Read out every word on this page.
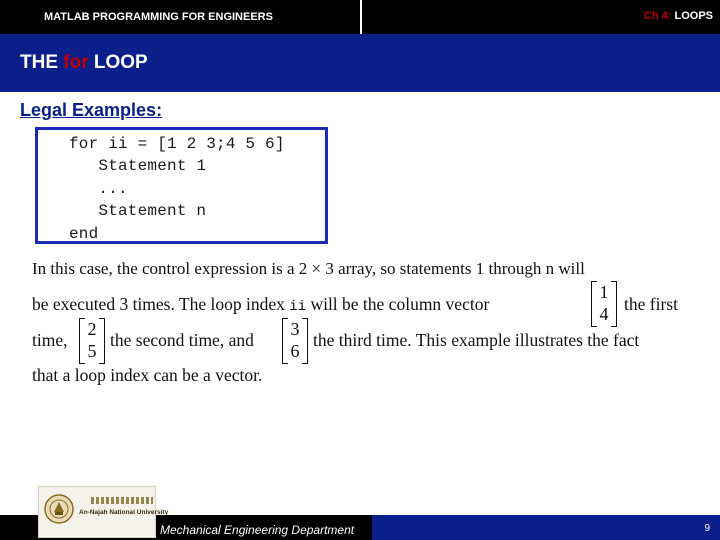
MATLAB PROGRAMMING FOR ENGINEERS	Ch 4: LOOPS
THE for LOOP
Legal Examples:
for ii = [1 2 3;4 5 6]
Statement 1
...
Statement n
end
In this case, the control expression is a 2 × 3 array, so statements 1 through n will
be executed 3 times. The loop index ii will be the column vector
1
4 the first
time,
2
5
the second time, and
3
6
the third time. This example illustrates the fact
that a loop index can be a vector.
Mechanical Engineering Department	9
An-Najah National University
